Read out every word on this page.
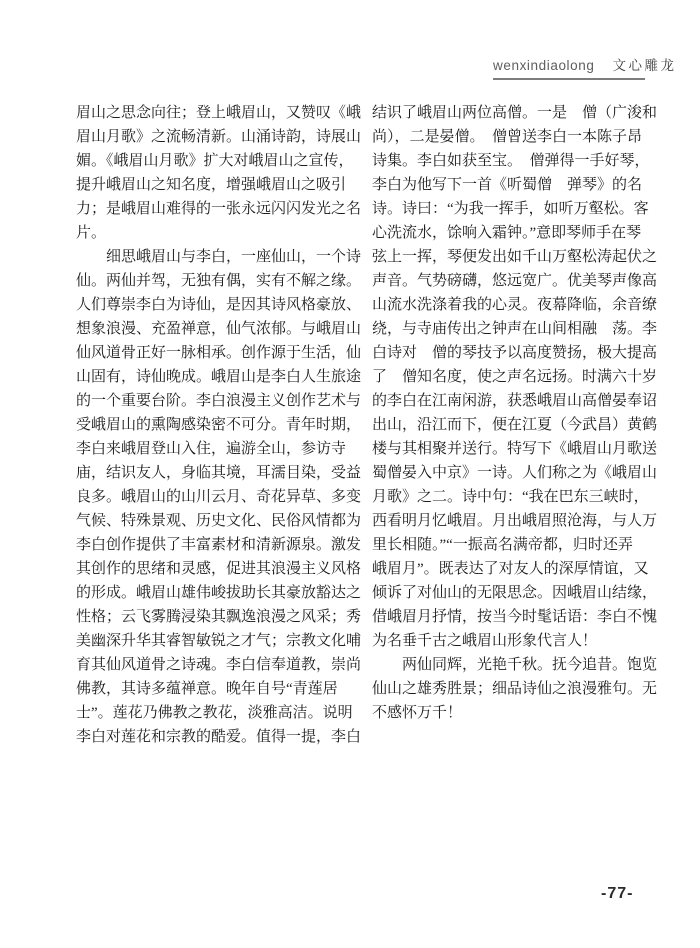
wenxindiaolong 文心雕龙
眉山之思念向往；登上峨眉山，又赞叹《峨
眉山月歌》之流畅清新。山涌诗韵，诗展山
媚。《峨眉山月歌》扩大对峨眉山之宣传，
提升峨眉山之知名度，增强峨眉山之吸引
力；是峨眉山难得的一张永远闪闪发光之名
片。
　　细思峨眉山与李白，一座仙山，一个诗
仙。两仙并驾，无独有偶，实有不解之缘。
人们尊崇李白为诗仙，是因其诗风格豪放、
想象浪漫、充盈禅意，仙气浓郁。与峨眉山
仙风道骨正好一脉相承。创作源于生活，仙
山固有，诗仙晚成。峨眉山是李白人生旅途
的一个重要台阶。李白浪漫主义创作艺术与
受峨眉山的熏陶感染密不可分。青年时期，
李白来峨眉登山入住，遍游全山，参访寺
庙，结识友人，身临其境，耳濡目染，受益
良多。峨眉山的山川云月、奇花异草、多变
气候、特殊景观、历史文化、民俗风情都为
李白创作提供了丰富素材和清新源泉。激发
其创作的思绪和灵感，促进其浪漫主义风格
的形成。峨眉山雄伟峻拔助长其豪放豁达之
性格；云飞雾腾浸染其飘逸浪漫之风采；秀
美幽深升华其睿智敏锐之才气；宗教文化哺
育其仙风道骨之诗魂。李白信奉道教，崇尚
佛教，其诗多蕴禅意。晚年自号“青莲居
士”。莲花乃佛教之教花，淡雅高洁。说明
李白对莲花和宗教的酷爱。值得一提，李白
结识了峨眉山两位高僧。一是　僧（广浚和
尚），二是晏僧。　僧曾送李白一本陈子昂
诗集。李白如获至宝。　僧弹得一手好琴，
李白为他写下一首《听蜀僧　弹琴》的名
诗。诗曰：“为我一挥手，如听万壑松。客
心洗流水，馀响入霜钟。”意即琴师手在琴
弦上一挥，琴便发出如千山万壑松涛起伏之
声音。气势磅礴，悠远宽广。优美琴声像高
山流水洗涤着我的心灵。夜幕降临，余音缭
绕，与寺庙传出之钟声在山间相融　荡。李
白诗对　僧的琴技予以高度赞扬，极大提高
了　僧知名度，使之声名远扬。时满六十岁
的李白在江南闲游，获悉峨眉山高僧晏奉诏
出山，沿江而下，便在江夏（今武昌）黄鹤
楼与其相聚并送行。特写下《峨眉山月歌送
蜀僧晏入中京》一诗。人们称之为《峨眉山
月歌》之二。诗中句：“我在巴东三峡时，
西看明月忆峨眉。月出峨眉照沧海，与人万
里长相随。”“一振高名满帝都，归时还弄
峨眉月”。既表达了对友人的深厚情谊，又
倾诉了对仙山的无限思念。因峨眉山结缘，
借峨眉月抒情，按当今时髦话语：李白不愧
为名垂千古之峨眉山形象代言人！
　　两仙同辉，光艳千秋。抚今追昔。饱览
仙山之雄秀胜景；细品诗仙之浪漫雅句。无
不感怀万千！
-77-
